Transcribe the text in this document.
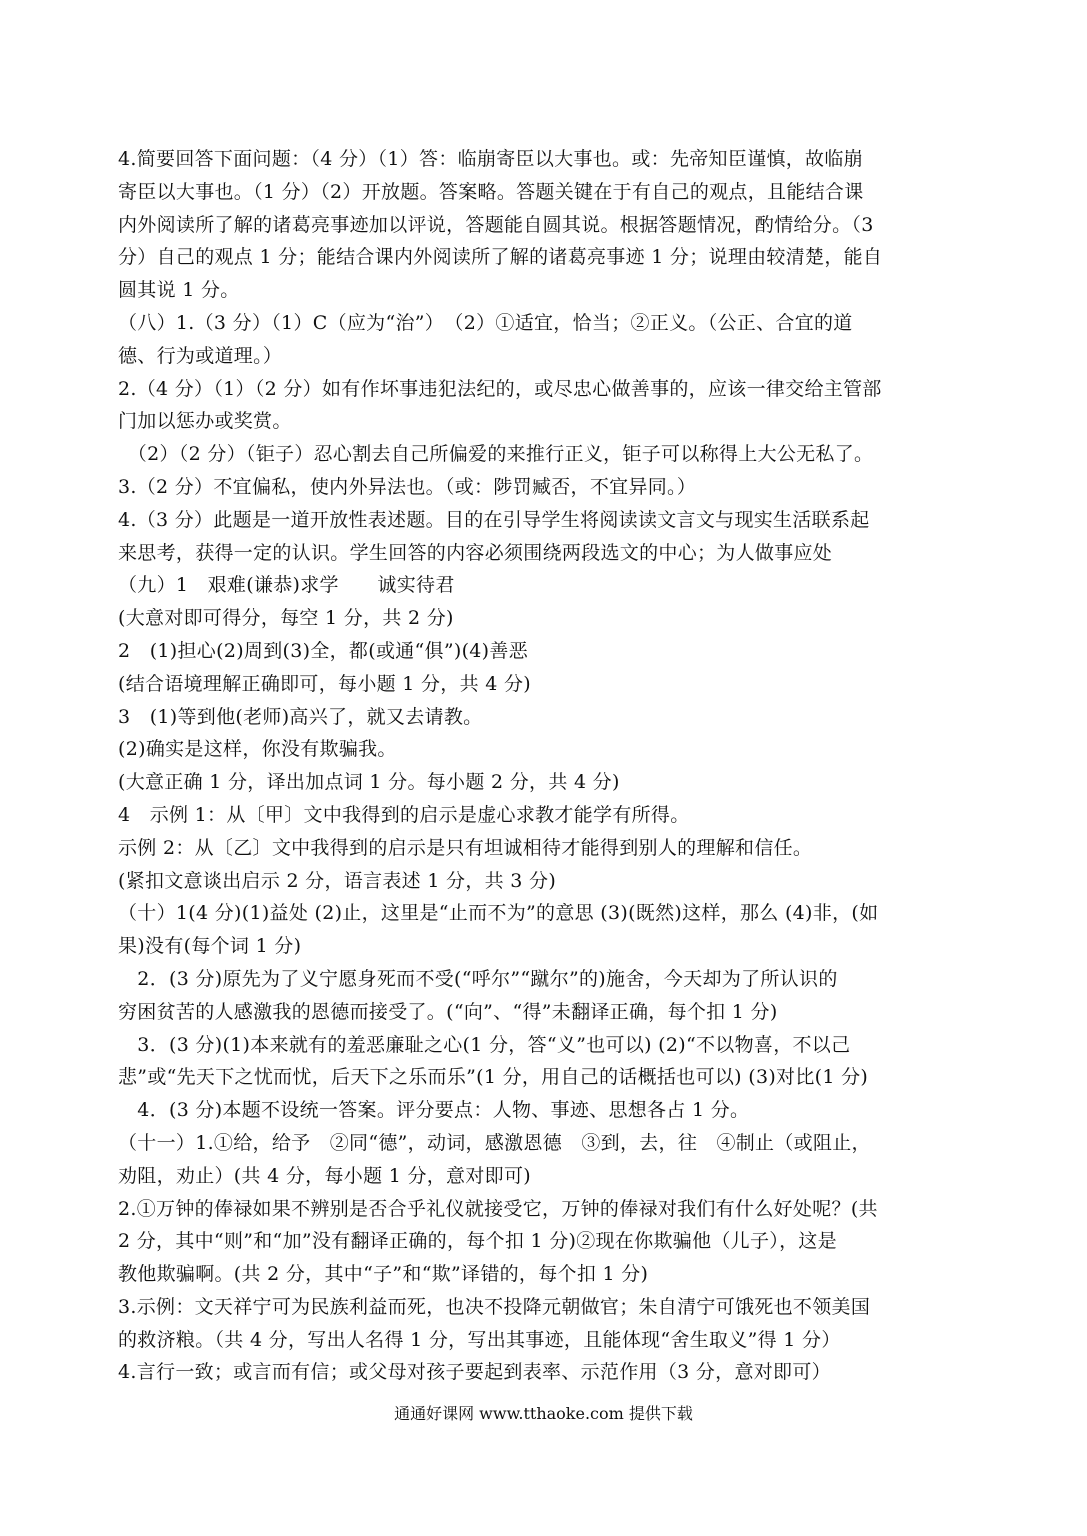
4.简要回答下面问题：（4 分）（1）答：临崩寄臣以大事也。或：先帝知臣谨慎，故临崩
寄臣以大事也。（1 分）（2）开放题。答案略。答题关键在于有自己的观点，且能结合课
内外阅读所了解的诸葛亮事迹加以评说，答题能自圆其说。根据答题情况，酌情给分。（3
分）自己的观点 1 分；能结合课内外阅读所了解的诸葛亮事迹 1 分；说理由较清楚，能自
圆其说 1 分。
（八）1.（3 分）（1）C（应为“治”）　（2）①适宜，恰当；②正义。（公正、合宜的道
德、行为或道理。）
2.（4 分）（1）（2 分）如有作坏事违犯法纪的，或尽忠心做善事的，应该一律交给主管部
门加以惩办或奖赏。
　（2）（2 分）（钜子）忍心割去自己所偏爱的来推行正义，钜子可以称得上大公无私了。
3.（2 分）不宜偏私，使内外异法也。（或：陟罚臧否，不宜异同。）
4.（3 分）此题是一道开放性表述题。目的在引导学生将阅读读文言文与现实生活联系起
来思考，获得一定的认识。学生回答的内容必须围绕两段选文的中心；为人做事应处
（九）1　艰难(谦恭)求学　　诚实待君
(大意对即可得分，每空 1 分，共 2 分)
2　(1)担心(2)周到(3)全，都(或通“俱”)(4)善恶
(结合语境理解正确即可，每小题 1 分，共 4 分)
3　(1)等到他(老师)高兴了，就又去请教。
(2)确实是这样，你没有欺骗我。
(大意正确 1 分，译出加点词 1 分。每小题 2 分，共 4 分)
4　示例 1：从〔甲〕文中我得到的启示是虚心求教才能学有所得。
示例 2：从〔乙〕文中我得到的启示是只有坦诚相待才能得到别人的理解和信任。
(紧扣文意谈出启示 2 分，语言表述 1 分，共 3 分)
（十）1(4 分)(1)益处 (2)止，这里是“止而不为”的意思 (3)(既然)这样，那么 (4)非，(如
果)没有(每个词 1 分)
　2．(3 分)原先为了义宁愿身死而不受(“呼尔”“蹴尔”的)施舍，今天却为了所认识的
穷困贫苦的人感激我的恩德而接受了。(“向”、“得”未翻译正确，每个扣 1 分)
　3．(3 分)(1)本来就有的羞恶廉耻之心(1 分，答“义”也可以) (2)“不以物喜，不以己
悲”或“先天下之忧而忧，后天下之乐而乐”(1 分，用自己的话概括也可以) (3)对比(1 分)
　4．(3 分)本题不设统一答案。评分要点：人物、事迹、思想各占 1 分。
（十一）1.①给，给予　②同“德”，动词，感激恩德　③到，去，往　④制止（或阻止，
劝阻，劝止）(共 4 分，每小题 1 分，意对即可)
2.①万钟的俸禄如果不辨别是否合乎礼仪就接受它，万钟的俸禄对我们有什么好处呢？(共
2 分，其中“则”和“加”没有翻译正确的，每个扣 1 分)②现在你欺骗他（儿子），这是
教他欺骗啊。(共 2 分，其中“子”和“欺”译错的，每个扣 1 分)
3.示例：文天祥宁可为民族利益而死，也决不投降元朝做官；朱自清宁可饿死也不领美国
的救济粮。（共 4 分，写出人名得 1 分，写出其事迹，且能体现“舍生取义”得 1 分）
4.言行一致；或言而有信；或父母对孩子要起到表率、示范作用（3 分，意对即可）
通通好课网 www.tthaoke.com 提供下载
